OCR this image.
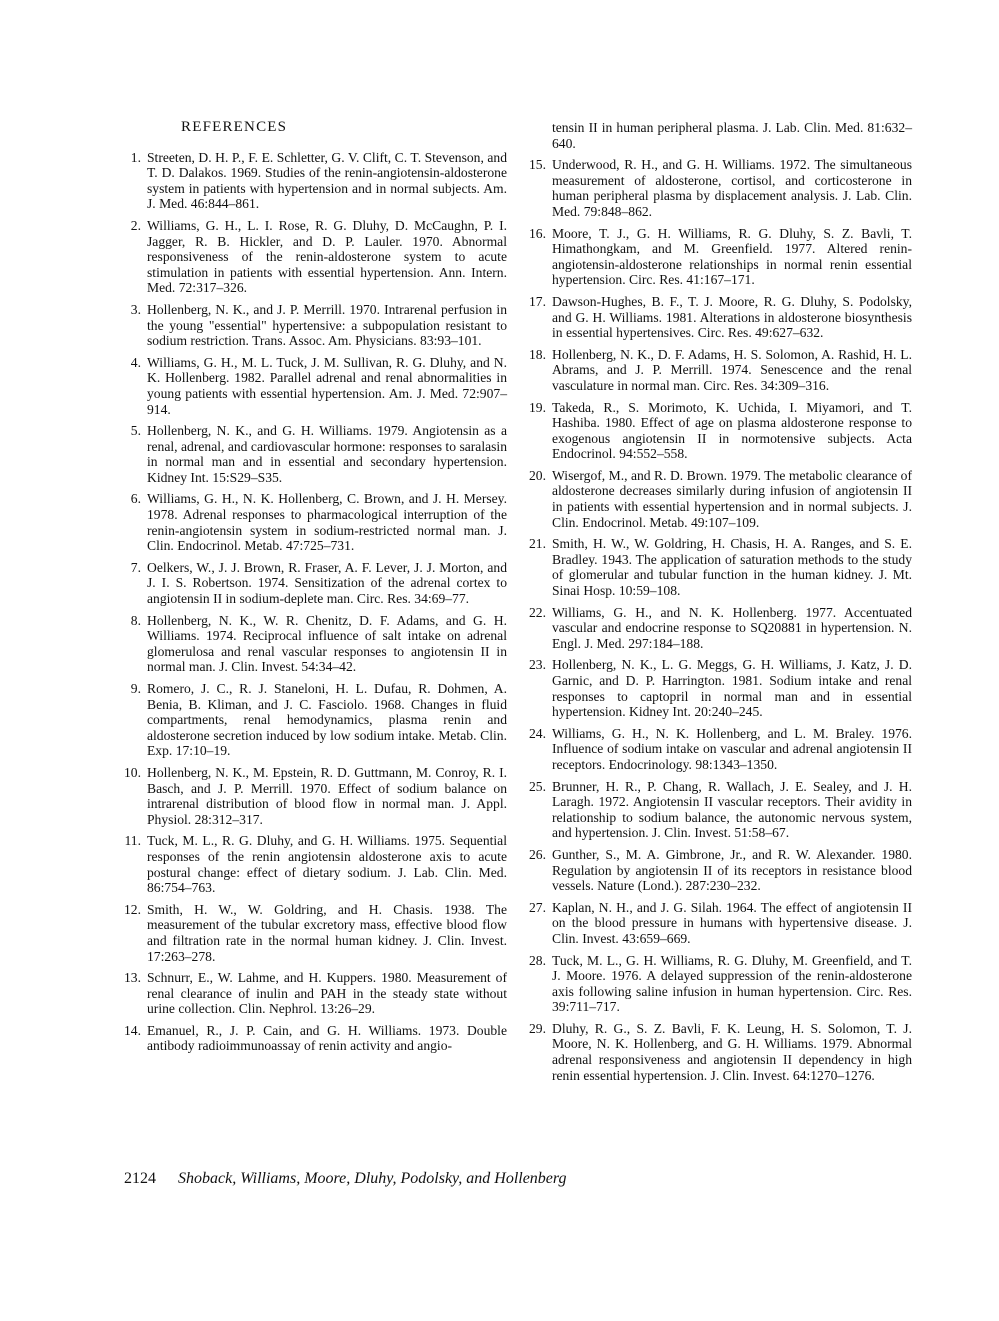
REFERENCES
1. Streeten, D. H. P., F. E. Schletter, G. V. Clift, C. T. Stevenson, and T. D. Dalakos. 1969. Studies of the renin-angiotensin-aldosterone system in patients with hypertension and in normal subjects. Am. J. Med. 46:844–861.
2. Williams, G. H., L. I. Rose, R. G. Dluhy, D. McCaughn, P. I. Jagger, R. B. Hickler, and D. P. Lauler. 1970. Abnormal responsiveness of the renin-aldosterone system to acute stimulation in patients with essential hypertension. Ann. Intern. Med. 72:317–326.
3. Hollenberg, N. K., and J. P. Merrill. 1970. Intrarenal perfusion in the young "essential" hypertensive: a subpopulation resistant to sodium restriction. Trans. Assoc. Am. Physicians. 83:93–101.
4. Williams, G. H., M. L. Tuck, J. M. Sullivan, R. G. Dluhy, and N. K. Hollenberg. 1982. Parallel adrenal and renal abnormalities in young patients with essential hypertension. Am. J. Med. 72:907–914.
5. Hollenberg, N. K., and G. H. Williams. 1979. Angiotensin as a renal, adrenal, and cardiovascular hormone: responses to saralasin in normal man and in essential and secondary hypertension. Kidney Int. 15:S29–S35.
6. Williams, G. H., N. K. Hollenberg, C. Brown, and J. H. Mersey. 1978. Adrenal responses to pharmacological interruption of the renin-angiotensin system in sodium-restricted normal man. J. Clin. Endocrinol. Metab. 47:725–731.
7. Oelkers, W., J. J. Brown, R. Fraser, A. F. Lever, J. J. Morton, and J. I. S. Robertson. 1974. Sensitization of the adrenal cortex to angiotensin II in sodium-deplete man. Circ. Res. 34:69–77.
8. Hollenberg, N. K., W. R. Chenitz, D. F. Adams, and G. H. Williams. 1974. Reciprocal influence of salt intake on adrenal glomerulosa and renal vascular responses to angiotensin II in normal man. J. Clin. Invest. 54:34–42.
9. Romero, J. C., R. J. Staneloni, H. L. Dufau, R. Dohmen, A. Benia, B. Kliman, and J. C. Fasciolo. 1968. Changes in fluid compartments, renal hemodynamics, plasma renin and aldosterone secretion induced by low sodium intake. Metab. Clin. Exp. 17:10–19.
10. Hollenberg, N. K., M. Epstein, R. D. Guttmann, M. Conroy, R. I. Basch, and J. P. Merrill. 1970. Effect of sodium balance on intrarenal distribution of blood flow in normal man. J. Appl. Physiol. 28:312–317.
11. Tuck, M. L., R. G. Dluhy, and G. H. Williams. 1975. Sequential responses of the renin angiotensin aldosterone axis to acute postural change: effect of dietary sodium. J. Lab. Clin. Med. 86:754–763.
12. Smith, H. W., W. Goldring, and H. Chasis. 1938. The measurement of the tubular excretory mass, effective blood flow and filtration rate in the normal human kidney. J. Clin. Invest. 17:263–278.
13. Schnurr, E., W. Lahme, and H. Kuppers. 1980. Measurement of renal clearance of inulin and PAH in the steady state without urine collection. Clin. Nephrol. 13:26–29.
14. Emanuel, R., J. P. Cain, and G. H. Williams. 1973. Double antibody radioimmunoassay of renin activity and angio-
tensin II in human peripheral plasma. J. Lab. Clin. Med. 81:632–640.
15. Underwood, R. H., and G. H. Williams. 1972. The simultaneous measurement of aldosterone, cortisol, and corticosterone in human peripheral plasma by displacement analysis. J. Lab. Clin. Med. 79:848–862.
16. Moore, T. J., G. H. Williams, R. G. Dluhy, S. Z. Bavli, T. Himathongkam, and M. Greenfield. 1977. Altered renin-angiotensin-aldosterone relationships in normal renin essential hypertension. Circ. Res. 41:167–171.
17. Dawson-Hughes, B. F., T. J. Moore, R. G. Dluhy, S. Podolsky, and G. H. Williams. 1981. Alterations in aldosterone biosynthesis in essential hypertensives. Circ. Res. 49:627–632.
18. Hollenberg, N. K., D. F. Adams, H. S. Solomon, A. Rashid, H. L. Abrams, and J. P. Merrill. 1974. Senescence and the renal vasculature in normal man. Circ. Res. 34:309–316.
19. Takeda, R., S. Morimoto, K. Uchida, I. Miyamori, and T. Hashiba. 1980. Effect of age on plasma aldosterone response to exogenous angiotensin II in normotensive subjects. Acta Endocrinol. 94:552–558.
20. Wisergof, M., and R. D. Brown. 1979. The metabolic clearance of aldosterone decreases similarly during infusion of angiotensin II in patients with essential hypertension and in normal subjects. J. Clin. Endocrinol. Metab. 49:107–109.
21. Smith, H. W., W. Goldring, H. Chasis, H. A. Ranges, and S. E. Bradley. 1943. The application of saturation methods to the study of glomerular and tubular function in the human kidney. J. Mt. Sinai Hosp. 10:59–108.
22. Williams, G. H., and N. K. Hollenberg. 1977. Accentuated vascular and endocrine response to SQ20881 in hypertension. N. Engl. J. Med. 297:184–188.
23. Hollenberg, N. K., L. G. Meggs, G. H. Williams, J. Katz, J. D. Garnic, and D. P. Harrington. 1981. Sodium intake and renal responses to captopril in normal man and in essential hypertension. Kidney Int. 20:240–245.
24. Williams, G. H., N. K. Hollenberg, and L. M. Braley. 1976. Influence of sodium intake on vascular and adrenal angiotensin II receptors. Endocrinology. 98:1343–1350.
25. Brunner, H. R., P. Chang, R. Wallach, J. E. Sealey, and J. H. Laragh. 1972. Angiotensin II vascular receptors. Their avidity in relationship to sodium balance, the autonomic nervous system, and hypertension. J. Clin. Invest. 51:58–67.
26. Gunther, S., M. A. Gimbrone, Jr., and R. W. Alexander. 1980. Regulation by angiotensin II of its receptors in resistance blood vessels. Nature (Lond.). 287:230–232.
27. Kaplan, N. H., and J. G. Silah. 1964. The effect of angiotensin II on the blood pressure in humans with hypertensive disease. J. Clin. Invest. 43:659–669.
28. Tuck, M. L., G. H. Williams, R. G. Dluhy, M. Greenfield, and T. J. Moore. 1976. A delayed suppression of the renin-aldosterone axis following saline infusion in human hypertension. Circ. Res. 39:711–717.
29. Dluhy, R. G., S. Z. Bavli, F. K. Leung, H. S. Solomon, T. J. Moore, N. K. Hollenberg, and G. H. Williams. 1979. Abnormal adrenal responsiveness and angiotensin II dependency in high renin essential hypertension. J. Clin. Invest. 64:1270–1276.
2124 Shoback, Williams, Moore, Dluhy, Podolsky, and Hollenberg
